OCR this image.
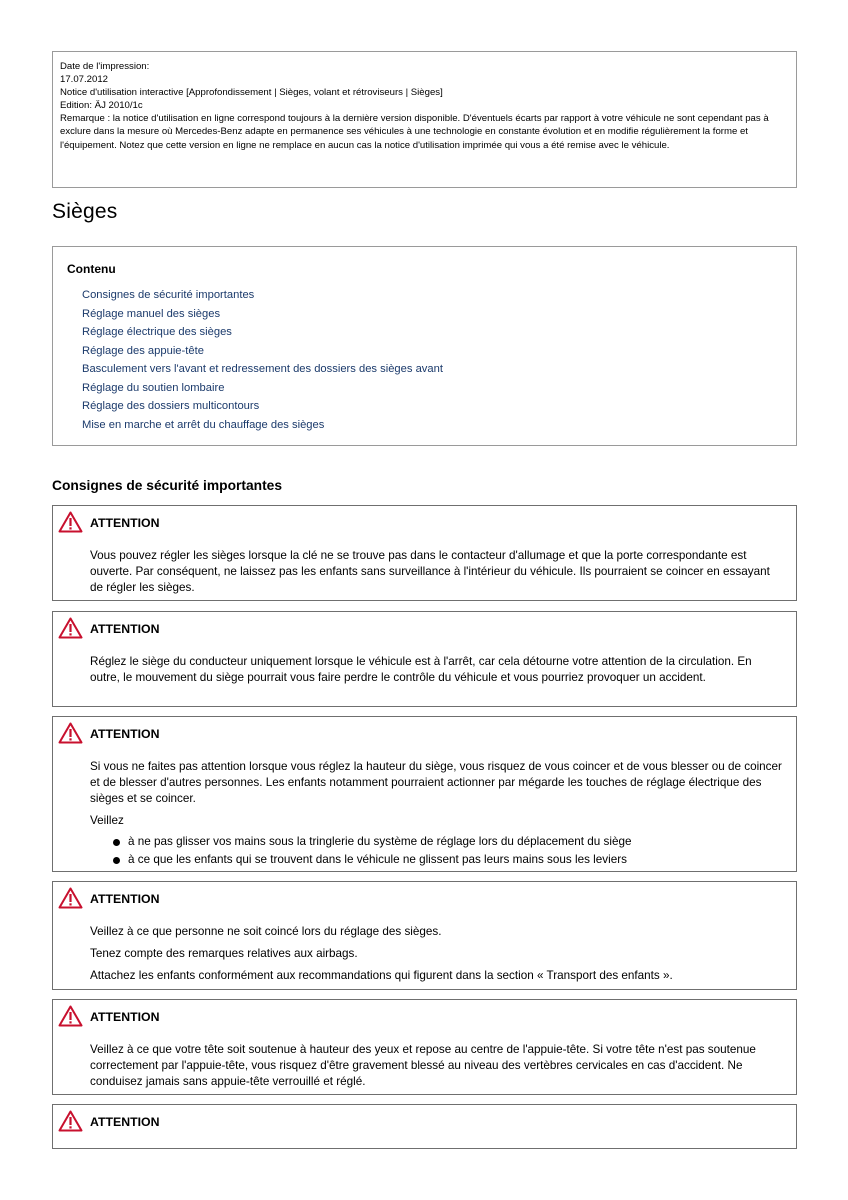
Date de l'impression:

17.07.2012

Notice d'utilisation interactive [Approfondissement | Sièges, volant et rétroviseurs | Sièges]

Edition: ÄJ 2010/1c

Remarque : la notice d'utilisation en ligne correspond toujours à la dernière version disponible. D'éventuels écarts par rapport à votre véhicule ne sont cependant pas à exclure dans la mesure où Mercedes-Benz adapte en permanence ses véhicules à une technologie en constante évolution et en modifie régulièrement la forme et l'équipement. Notez que cette version en ligne ne remplace en aucun cas la notice d'utilisation imprimée qui vous a été remise avec le véhicule.

Sièges
Contenu
Consignes de sécurité importantes
Réglage manuel des sièges
Réglage électrique des sièges
Réglage des appuie-tête
Basculement vers l'avant et redressement des dossiers des sièges avant
Réglage du soutien lombaire
Réglage des dossiers multicontours
Mise en marche et arrêt du chauffage des sièges
Consignes de sécurité importantes
ATTENTION

Vous pouvez régler les sièges lorsque la clé ne se trouve pas dans le contacteur d'allumage et que la porte correspondante est ouverte. Par conséquent, ne laissez pas les enfants sans surveillance à l'intérieur du véhicule. Ils pourraient se coincer en essayant de régler les sièges.

ATTENTION

Réglez le siège du conducteur uniquement lorsque le véhicule est à l'arrêt, car cela détourne votre attention de la circulation. En outre, le mouvement du siège pourrait vous faire perdre le contrôle du véhicule et vous pourriez provoquer un accident.

ATTENTION

Si vous ne faites pas attention lorsque vous réglez la hauteur du siège, vous risquez de vous coincer et de vous blesser ou de coincer et de blesser d'autres personnes. Les enfants notamment pourraient actionner par mégarde les touches de réglage électrique des sièges et se coincer.

Veillez

à ne pas glisser vos mains sous la tringlerie du système de réglage lors du déplacement du siège
à ce que les enfants qui se trouvent dans le véhicule ne glissent pas leurs mains sous les leviers
ATTENTION

Veillez à ce que personne ne soit coincé lors du réglage des sièges.

Tenez compte des remarques relatives aux airbags.

Attachez les enfants conformément aux recommandations qui figurent dans la section « Transport des enfants ».

ATTENTION

Veillez à ce que votre tête soit soutenue à hauteur des yeux et repose au centre de l'appuie-tête. Si votre tête n'est pas soutenue correctement par l'appuie-tête, vous risquez d'être gravement blessé au niveau des vertèbres cervicales en cas d'accident. Ne conduisez jamais sans appuie-tête verrouillé et réglé.

ATTENTION
